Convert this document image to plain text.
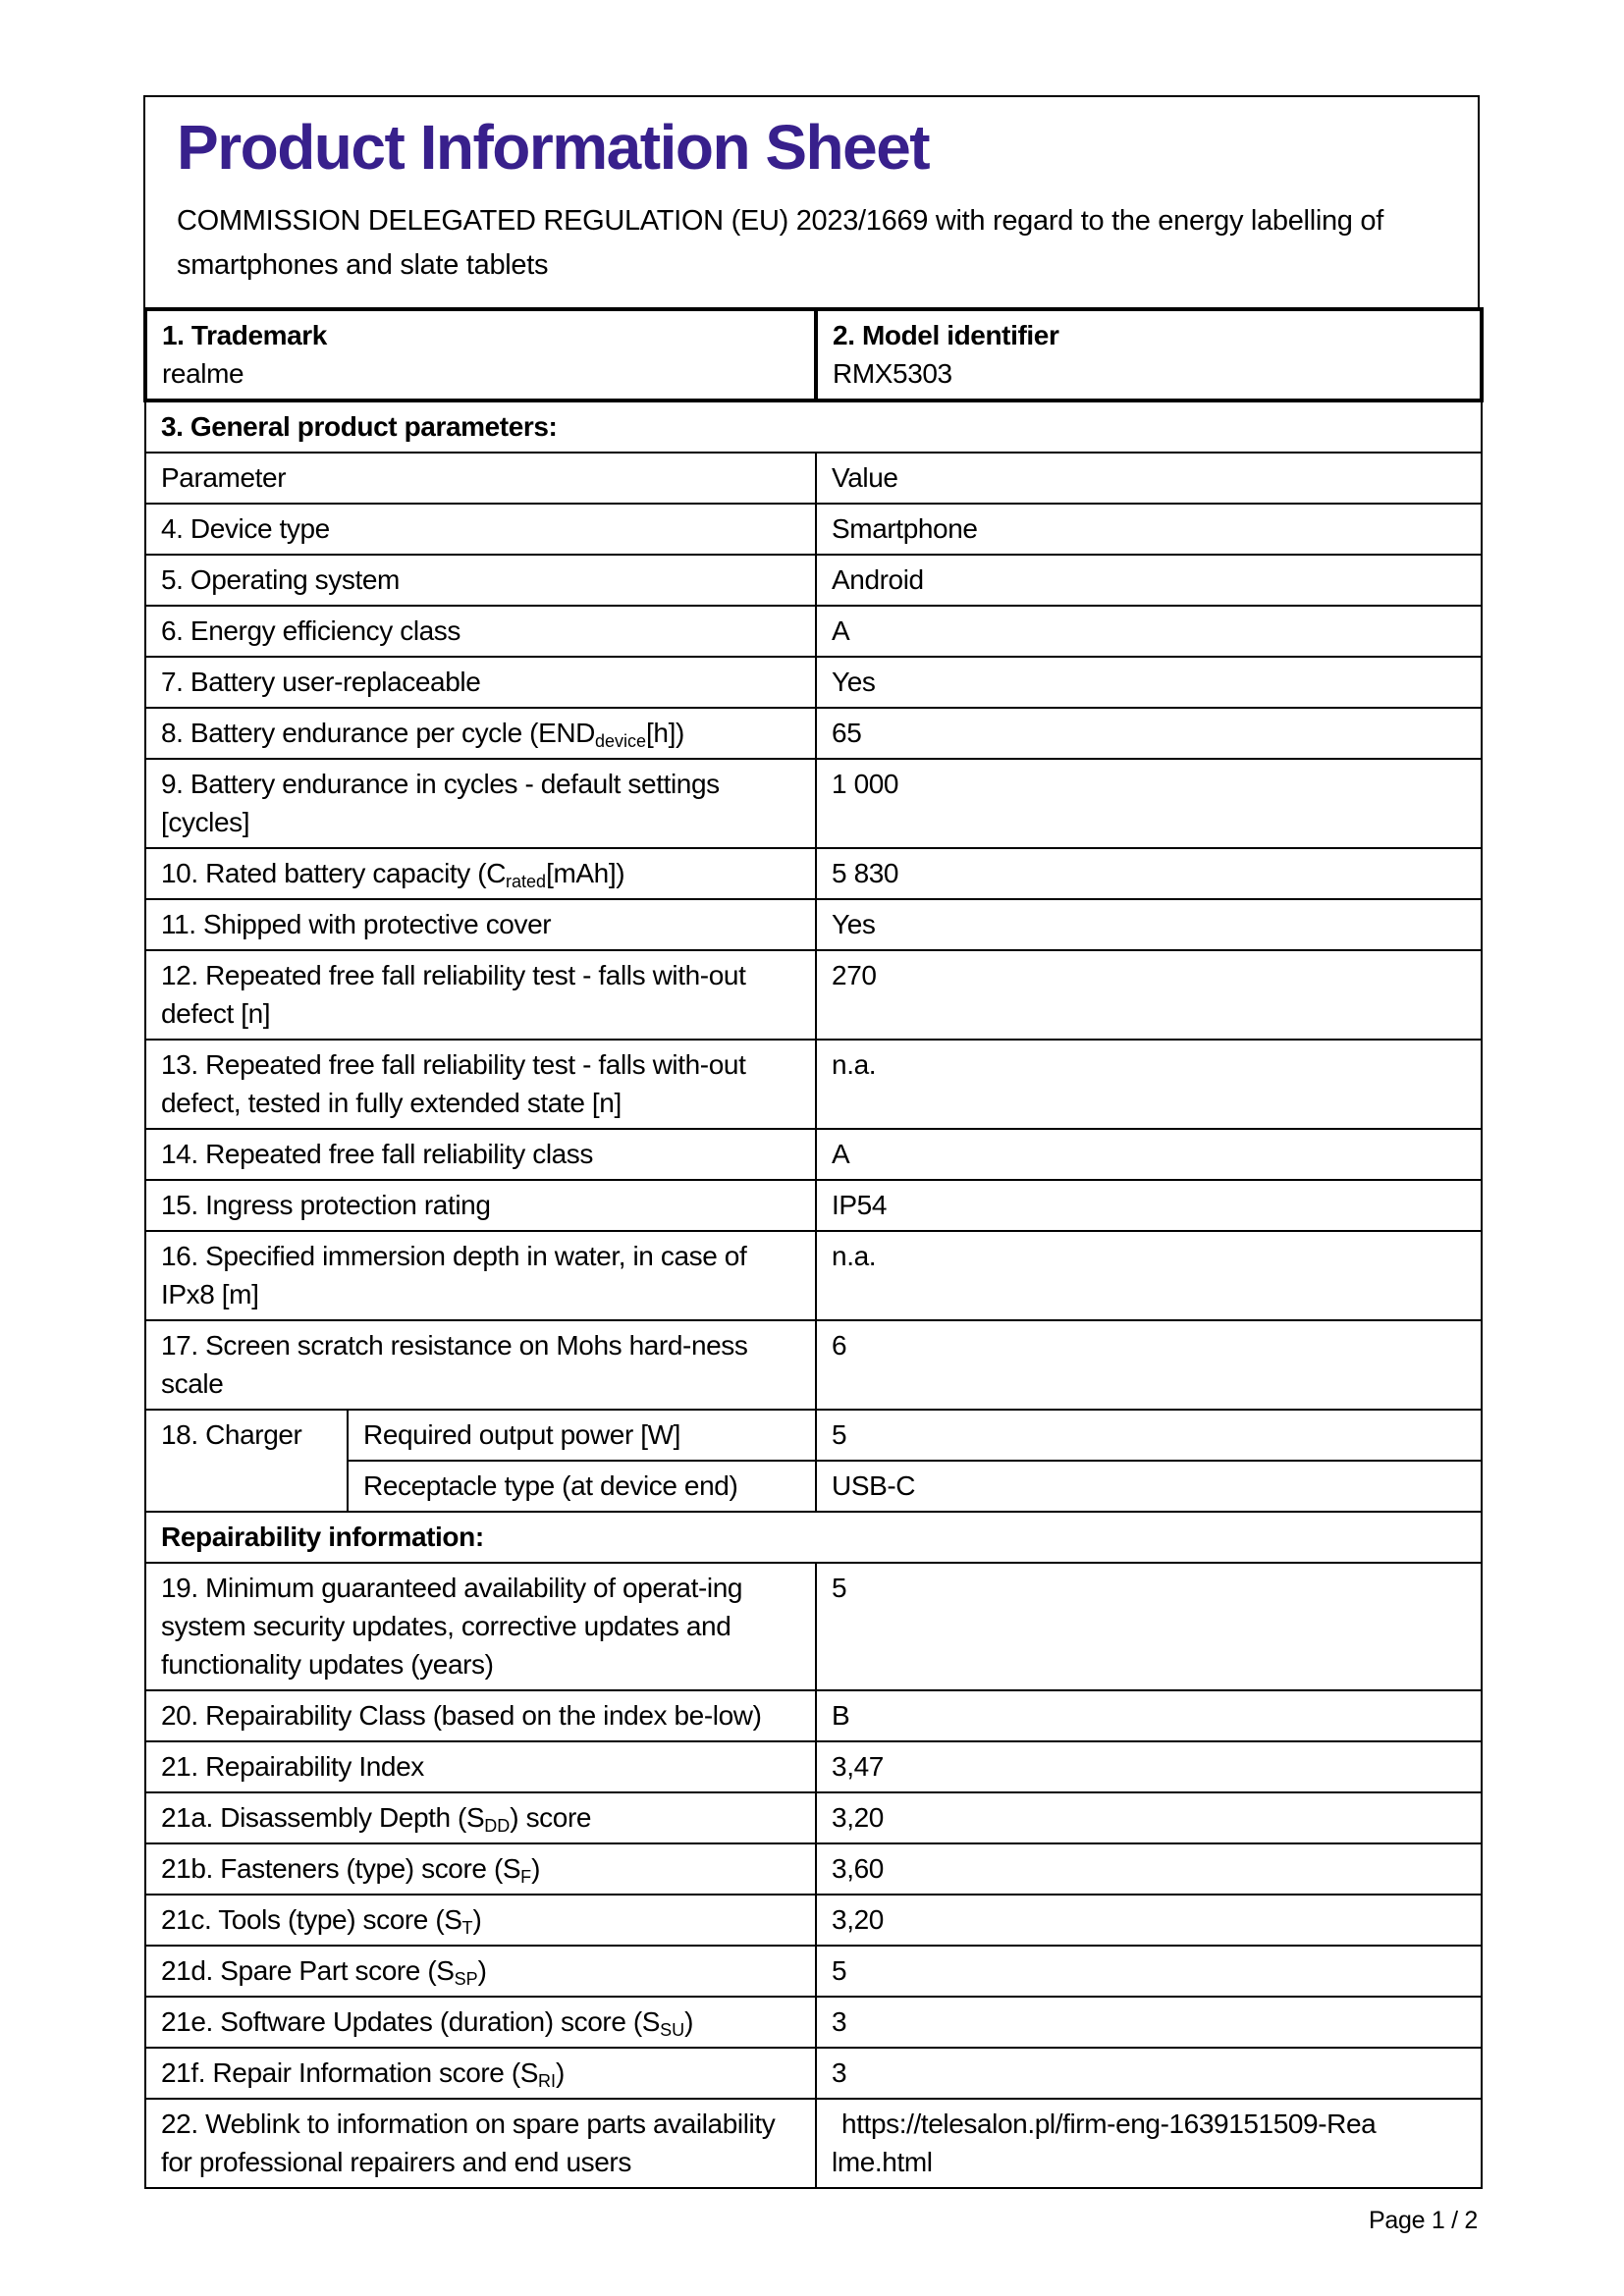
Product Information Sheet
COMMISSION DELEGATED REGULATION (EU) 2023/1669 with regard to the energy labelling of
smartphones and slate tablets
1. Trademark
realme

2. Model identifier
RMX5303

3. General product parameters:		
Parameter		Value
4. Device type		Smartphone
5. Operating system		Android
6. Energy efficiency class		A
7. Battery user-replaceable		Yes
8. Battery endurance per cycle $(END_{device}[h])$		65
9. Battery endurance in cycles - default settings [cycles]		1 000
10. Rated battery capacity $(C_{rated}[mAh])$		5 830
11. Shipped with protective cover		Yes
12. Repeated free fall reliability test - falls with-out defect [n]		270
13. Repeated free fall reliability test - falls with-out defect, tested in fully extended state [n]		n.a.
14. Repeated free fall reliability class		A
15. Ingress protection rating		IP54
16. Specified immersion depth in water, in case of IPx8 [m]		n.a.
17. Screen scratch resistance on Mohs hard-ness scale		6
18. Charger	Required output power [W]	5
	Receptacle type (at device end)	USB-C
Repairability information:		
19. Minimum guaranteed availability of operat-ing system security updates, corrective updates and functionality updates (years)		5
20. Repairability Class (based on the index be-low)		B
21. Repairability Index		3,47
21a. Disassembly Depth $(S_{DD})$ score		3,20
21b. Fasteners (type) score $(S_F)$		3,60
21c. Tools (type) score $(S_T)$		3,20
21d. Spare Part score $(S_{SP})$		5
21e. Software Updates (duration) score $(S_{SU})$		3
21f. Repair Information score $(S_{RI})$		3
22. Weblink to information on spare parts availability for professional repairers and end users		https://telesalon.pl/firm-eng-1639151509-Rea
lme.html
Page 1 / 2
